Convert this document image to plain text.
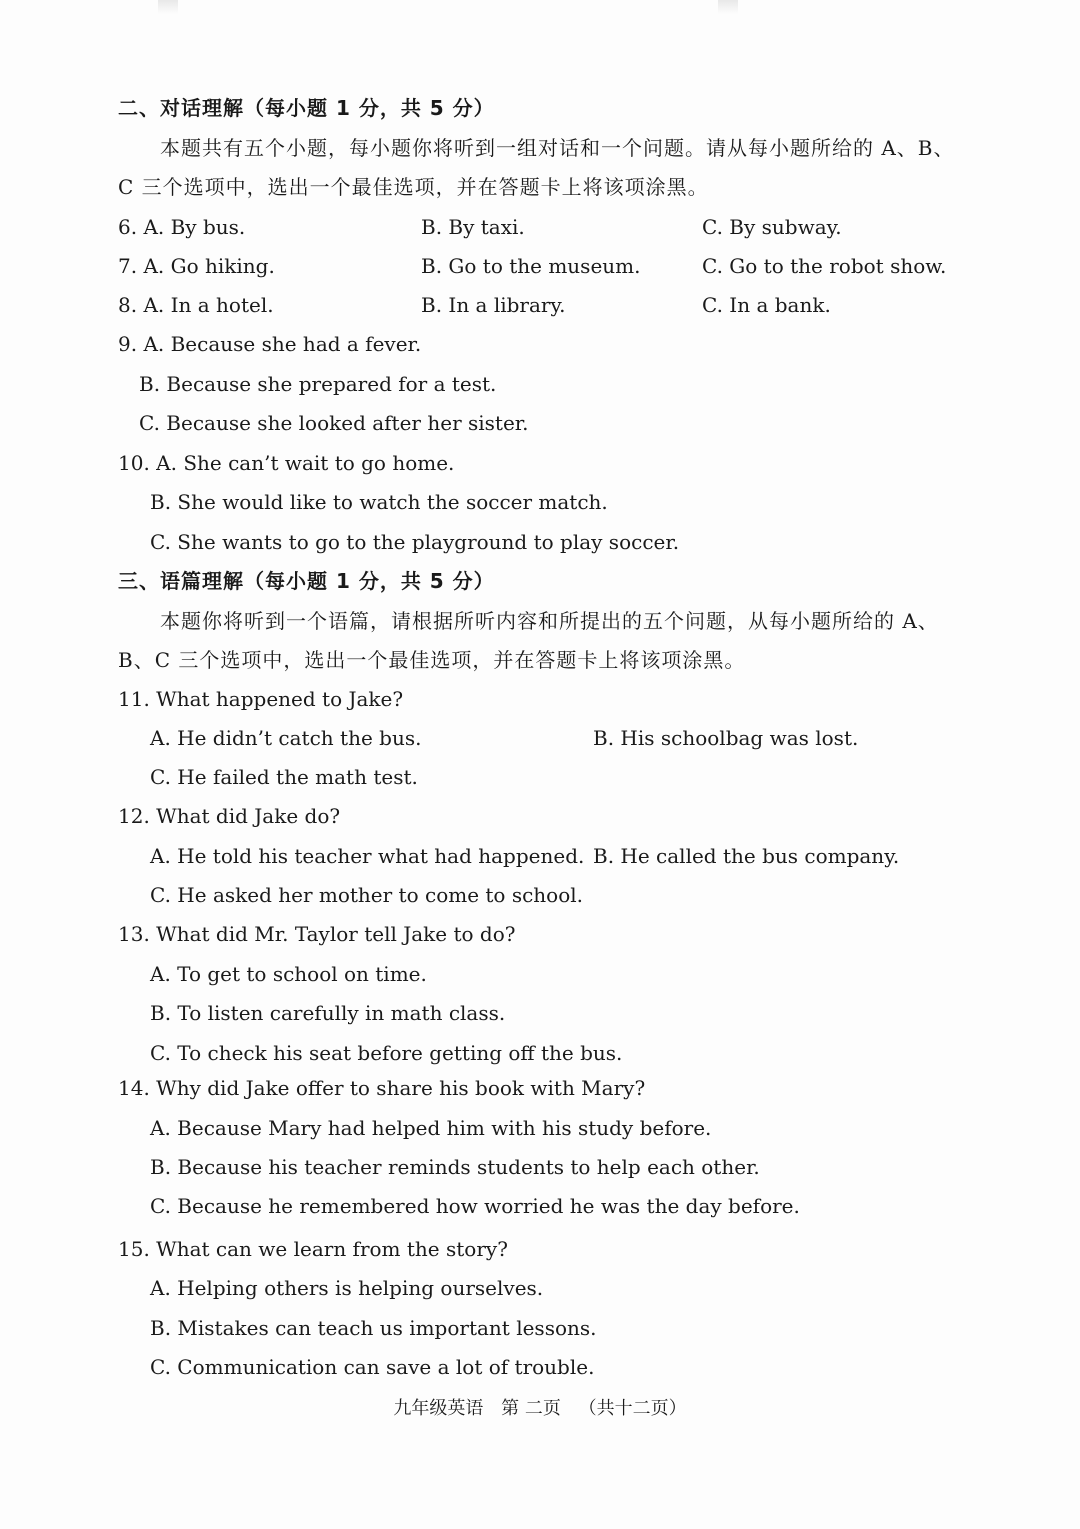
二、对话理解（每小题 1 分，共 5 分）
本题共有五个小题，每小题你将听到一组对话和一个问题。请从每小题所给的 A、B、
C 三个选项中，选出一个最佳选项，并在答题卡上将该项涂黑。
6. A. By bus.	B. By taxi.	C. By subway.
7. A. Go hiking.	B. Go to the museum.	C. Go to the robot show.
8. A. In a hotel.	B. In a library.	C. In a bank.
9. A. Because she had a fever.
B. Because she prepared for a test.
C. Because she looked after her sister.
10. A. She can’t wait to go home.
B. She would like to watch the soccer match.
C. She wants to go to the playground to play soccer.
三、语篇理解（每小题 1 分，共 5 分）
本题你将听到一个语篇，请根据所听内容和所提出的五个问题，从每小题所给的 A、
B、C 三个选项中，选出一个最佳选项，并在答题卡上将该项涂黑。
11. What happened to Jake?
A. He didn’t catch the bus.	B. His schoolbag was lost.
C. He failed the math test.
12. What did Jake do?
A. He told his teacher what had happened. B. He called the bus company.
C. He asked her mother to come to school.
13. What did Mr. Taylor tell Jake to do?
A. To get to school on time.
B. To listen carefully in math class.
C. To check his seat before getting off the bus.
14. Why did Jake offer to share his book with Mary?
A. Because Mary had helped him with his study before.
B. Because his teacher reminds students to help each other.
C. Because he remembered how worried he was the day before.
15. What can we learn from the story?
A. Helping others is helping ourselves.
B. Mistakes can teach us important lessons.
C. Communication can save a lot of trouble.
九年级英语 第 二页 （共十二页）
